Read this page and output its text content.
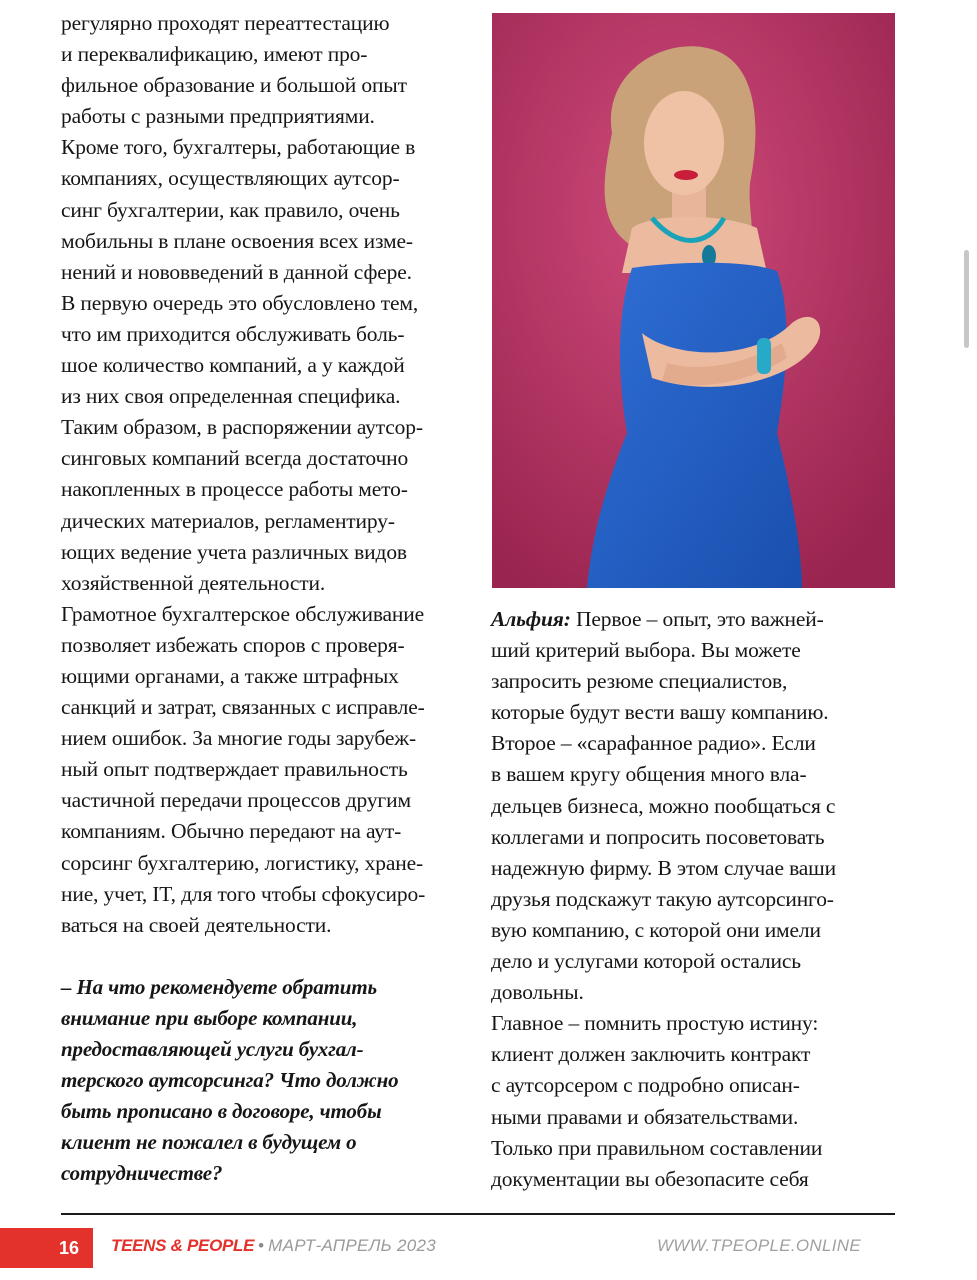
регулярно проходят переаттестацию
и переквалификацию, имеют про-
фильное образование и большой опыт
работы с разными предприятиями.
Кроме того, бухгалтеры, работающие в
компаниях, осуществляющих аутсор-
синг бухгалтерии, как правило, очень
мобильны в плане освоения всех изме-
нений и нововведений в данной сфере.
В первую очередь это обусловлено тем,
что им приходится обслуживать боль-
шое количество компаний, а у каждой
из них своя определенная специфика.
Таким образом, в распоряжении аутсор-
синговых компаний всегда достаточно
накопленных в процессе работы мето-
дических материалов, регламентиру-
ющих ведение учета различных видов
хозяйственной деятельности.

Грамотное бухгалтерское обслуживание
позволяет избежать споров с проверя-
ющими органами, а также штрафных
санкций и затрат, связанных с исправле-
нием ошибок. За многие годы зарубеж-
ный опыт подтверждает правильность
частичной передачи процессов другим
компаниям. Обычно передают на аут-
сорсинг бухгалтерию, логистику, хране-
ние, учет, IT, для того чтобы сфокусиро-
ваться на своей деятельности.

– На что рекомендуете обратить
внимание при выборе компании,
предоставляющей услуги бухгал-
терского аутсорсинга? Что должно
быть прописано в договоре, чтобы
клиент не пожалел в будущем о
сотрудничестве?

Альфия: Первое – опыт, это важней-
ший критерий выбора. Вы можете
запросить резюме специалистов,
которые будут вести вашу компанию.
Второе – «сарафанное радио». Если
в вашем кругу общения много вла-
дельцев бизнеса, можно пообщаться с
коллегами и попросить посоветовать
надежную фирму. В этом случае ваши
друзья подскажут такую аутсорсинго-
вую компанию, с которой они имели
дело и услугами которой остались
довольны.

Главное – помнить простую истину:
клиент должен заключить контракт
с аутсорсером с подробно описан-
ными правами и обязательствами.
Только при правильном составлении
документации вы обезопасите себя

16 TEENS & PEOPLE • МАРТ-АПРЕЛЬ 2023	WWW.TPEOPLE.ONLINE
